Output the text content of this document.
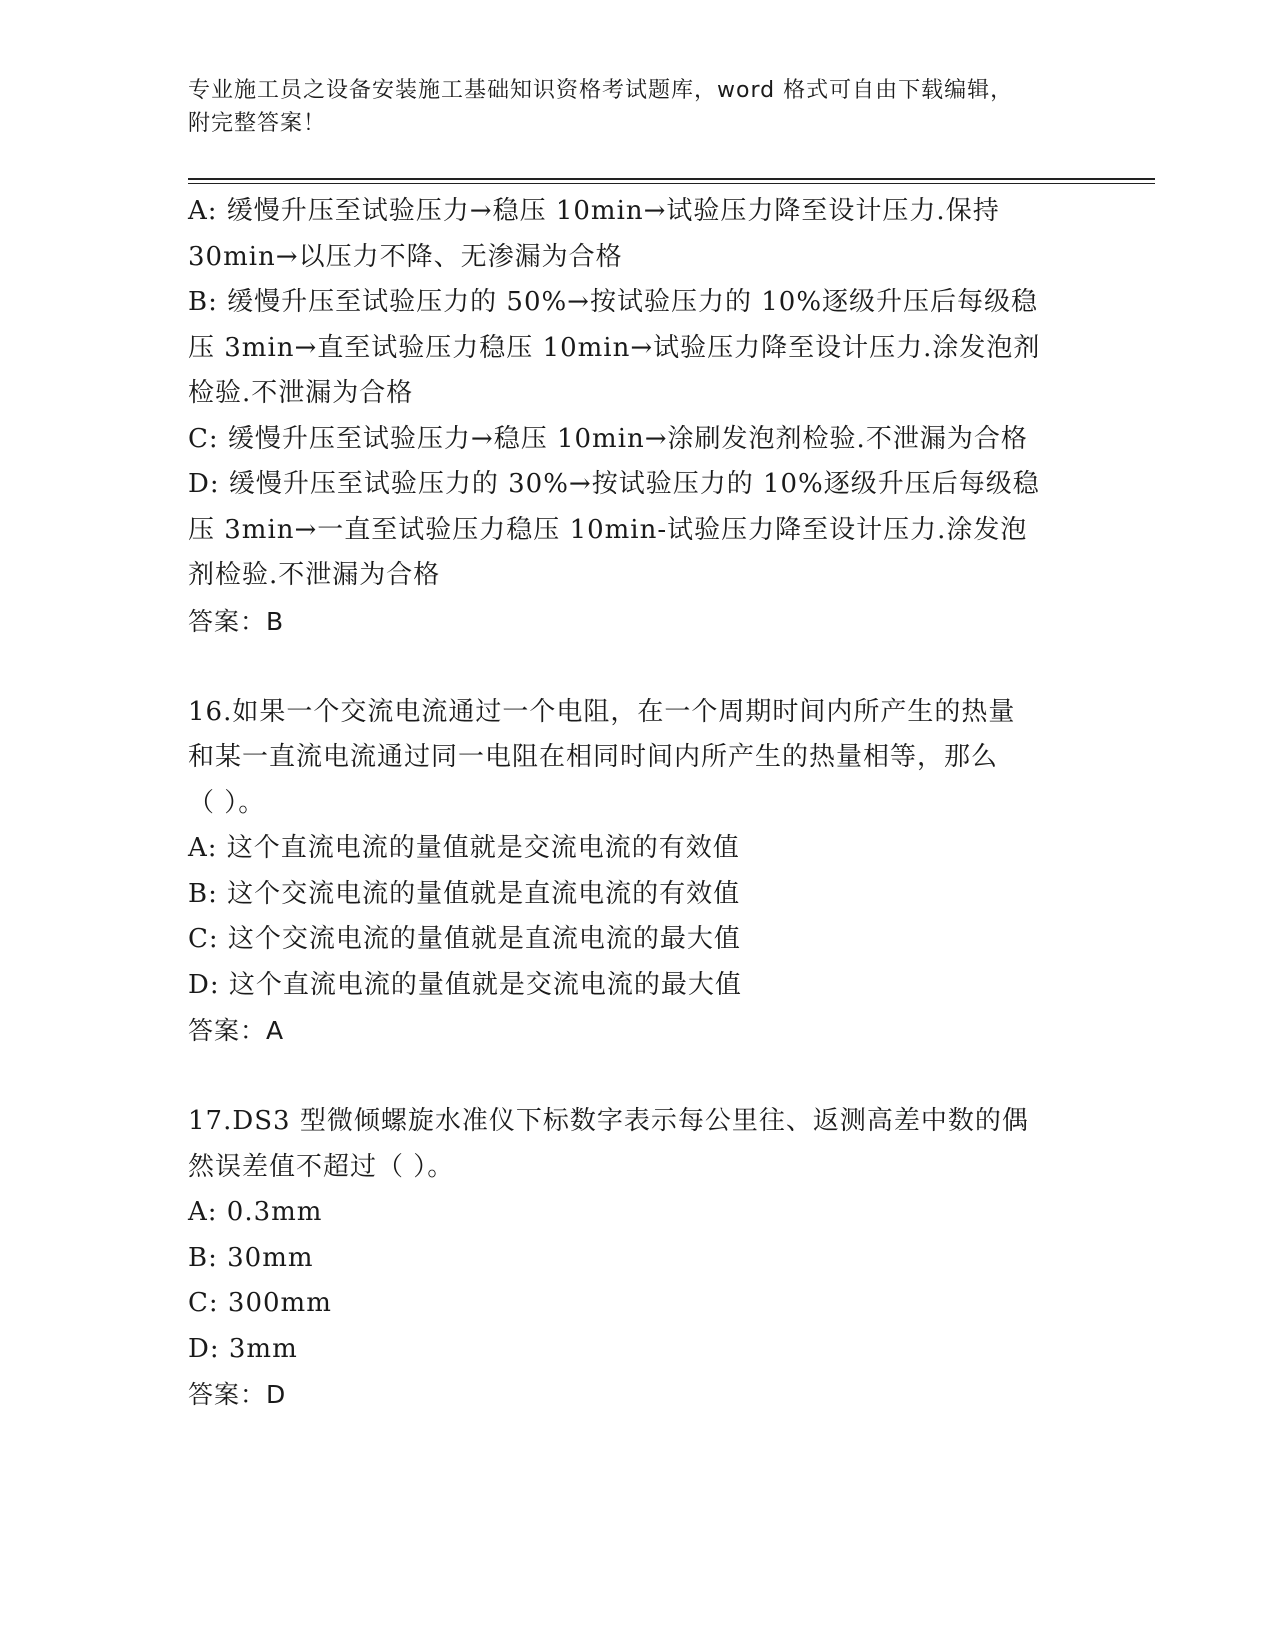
专业施工员之设备安装施工基础知识资格考试题库，word 格式可自由下载编辑，
附完整答案！
A: 缓慢升压至试验压力→稳压 10min→试验压力降至设计压力.保持
30min→以压力不降、无渗漏为合格
B: 缓慢升压至试验压力的 50%→按试验压力的 10%逐级升压后每级稳
压 3min→直至试验压力稳压 10min→试验压力降至设计压力.涂发泡剂
检验.不泄漏为合格
C: 缓慢升压至试验压力→稳压 10min→涂刷发泡剂检验.不泄漏为合格
D: 缓慢升压至试验压力的 30%→按试验压力的 10%逐级升压后每级稳
压 3min→一直至试验压力稳压 10min-试验压力降至设计压力.涂发泡
剂检验.不泄漏为合格
答案：B
16.如果一个交流电流通过一个电阻，在一个周期时间内所产生的热量
和某一直流电流通过同一电阻在相同时间内所产生的热量相等，那么
（ ）。
A: 这个直流电流的量值就是交流电流的有效值
B: 这个交流电流的量值就是直流电流的有效值
C: 这个交流电流的量值就是直流电流的最大值
D: 这个直流电流的量值就是交流电流的最大值
答案：A
17.DS3 型微倾螺旋水准仪下标数字表示每公里往、返测高差中数的偶
然误差值不超过（ ）。
A: 0.3mm
B: 30mm
C: 300mm
D: 3mm
答案：D
